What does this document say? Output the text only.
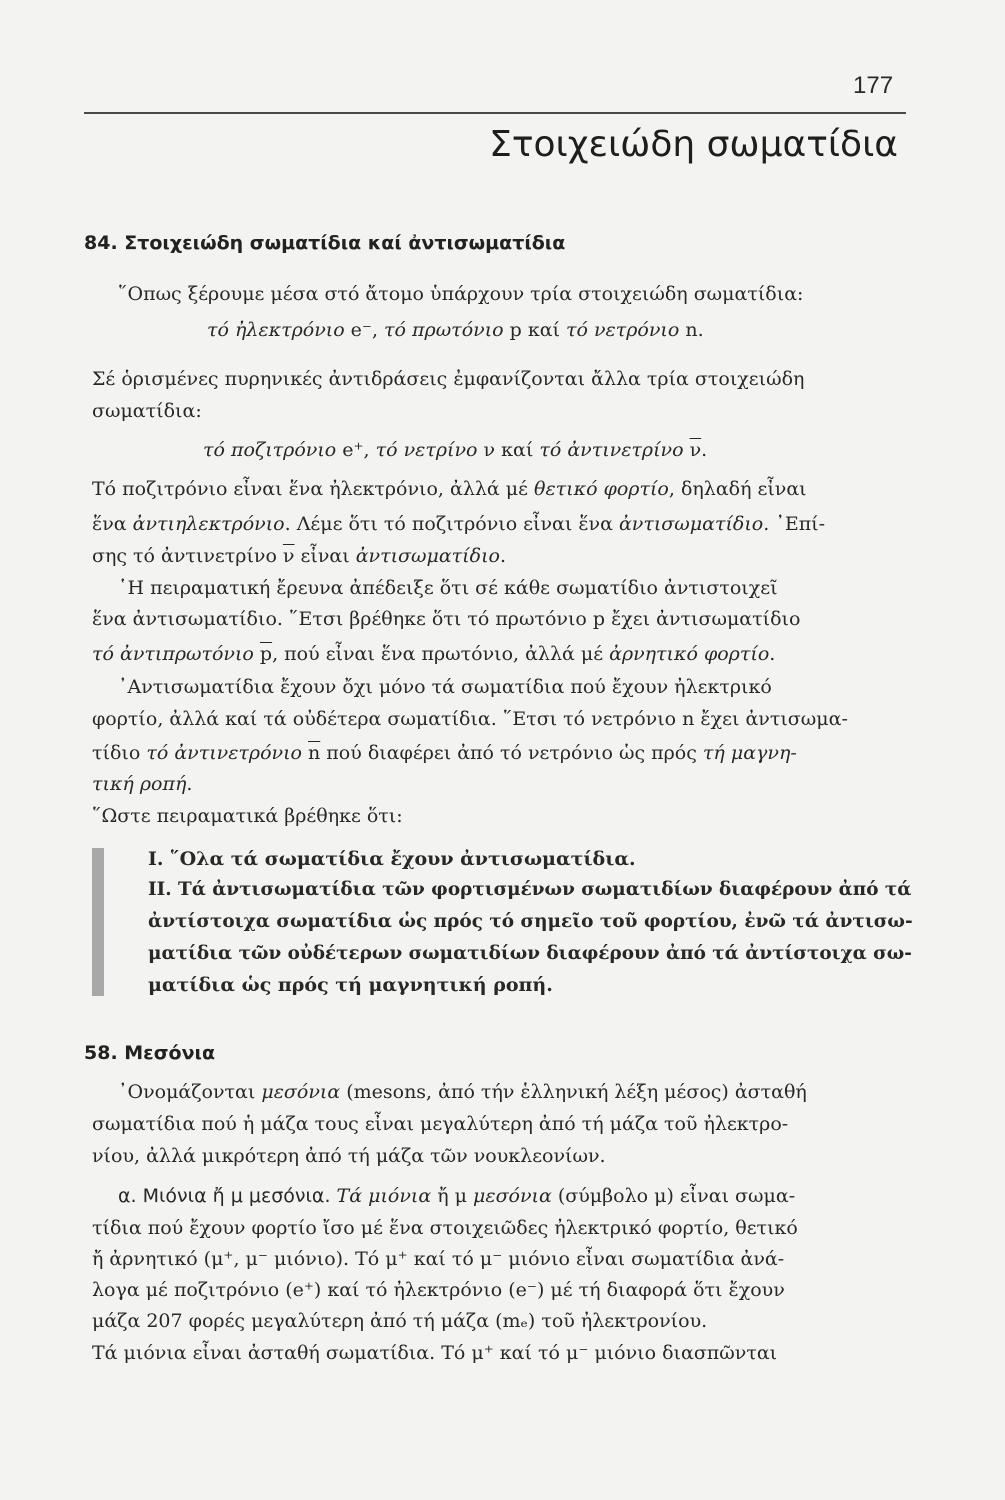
177
Στοιχειώδη σωματίδια
84. Στοιχειώδη σωματίδια καί ἀντισωματίδια
῞Οπως ξέρουμε μέσα στό ἄτομο ὑπάρχουν τρία στοιχειώδη σωματίδια:
τό ἠλεκτρόνιο e⁻, τό πρωτόνιο p καί τό νετρόνιο n.
Σέ ὁρισμένες πυρηνικές ἀντιδράσεις ἐμφανίζονται ἄλλα τρία στοιχειώδη
σωματίδια:
τό ποζιτρόνιο e⁺, τό νετρίνο ν καί τό ἀντινετρίνο $\overline{\nu}$.
Τό ποζιτρόνιο εἶναι ἕνα ἠλεκτρόνιο, ἀλλά μέ θετικό φορτίο, δηλαδή εἶναι
ἕνα ἀντιηλεκτρόνιο. Λέμε ὅτι τό ποζιτρόνιο εἶναι ἕνα ἀντισωματίδιο. ᾿Επί-
σης τό ἀντινετρίνο $\overline{\nu}$ εἶναι ἀντισωματίδιο.
῾Η πειραματική ἔρευνα ἀπέδειξε ὅτι σέ κάθε σωματίδιο ἀντιστοιχεῖ
ἕνα ἀντισωματίδιο. ῞Ετσι βρέθηκε ὅτι τό πρωτόνιο p ἔχει ἀντισωματίδιο
τό ἀντιπρωτόνιο $\overline{p}$, πού εἶναι ἕνα πρωτόνιο, ἀλλά μέ ἀρνητικό φορτίο.
᾿Αντισωματίδια ἔχουν ὄχι μόνο τά σωματίδια πού ἔχουν ἠλεκτρικό
φορτίο, ἀλλά καί τά οὐδέτερα σωματίδια. ῞Ετσι τό νετρόνιο n ἔχει ἀντισωμα-
τίδιο τό ἀντινετρόνιο $\overline{n}$ πού διαφέρει ἀπό τό νετρόνιο ὡς πρός τή μαγνη-
τική ροπή.
῞Ωστε πειραματικά βρέθηκε ὅτι:
Ι. ῞Ολα τά σωματίδια ἔχουν ἀντισωματίδια.
ΙΙ. Τά ἀντισωματίδια τῶν φορτισμένων σωματιδίων διαφέρουν ἀπό τά
ἀντίστοιχα σωματίδια ὡς πρός τό σημεῖο τοῦ φορτίου, ἐνῶ τά ἀντισω-
ματίδια τῶν οὐδέτερων σωματιδίων διαφέρουν ἀπό τά ἀντίστοιχα σω-
ματίδια ὡς πρός τή μαγνητική ροπή.
58. Μεσόνια
᾿Ονομάζονται μεσόνια (mesons, ἀπό τήν ἑλληνική λέξη μέσος) ἀσταθή
σωματίδια πού ἡ μάζα τους εἶναι μεγαλύτερη ἀπό τή μάζα τοῦ ἠλεκτρο-
νίου, ἀλλά μικρότερη ἀπό τή μάζα τῶν νουκλεονίων.
α. Μιόνια ἤ μ μεσόνια. Τά μιόνια ἤ μ μεσόνια (σύμβολο μ) εἶναι σωμα-
τίδια πού ἔχουν φορτίο ἴσο μέ ἕνα στοιχειῶδες ἠλεκτρικό φορτίο, θετικό
ἤ ἀρνητικό (μ⁺, μ⁻ μιόνιο). Τό μ⁺ καί τό μ⁻ μιόνιο εἶναι σωματίδια ἀνά-
λογα μέ ποζιτρόνιο (e⁺) καί τό ἠλεκτρόνιο (e⁻) μέ τή διαφορά ὅτι ἔχουν
μάζα 207 φορές μεγαλύτερη ἀπό τή μάζα (mₑ) τοῦ ἠλεκτρονίου.
Τά μιόνια εἶναι ἀσταθή σωματίδια. Τό μ⁺ καί τό μ⁻ μιόνιο διασπῶνται
